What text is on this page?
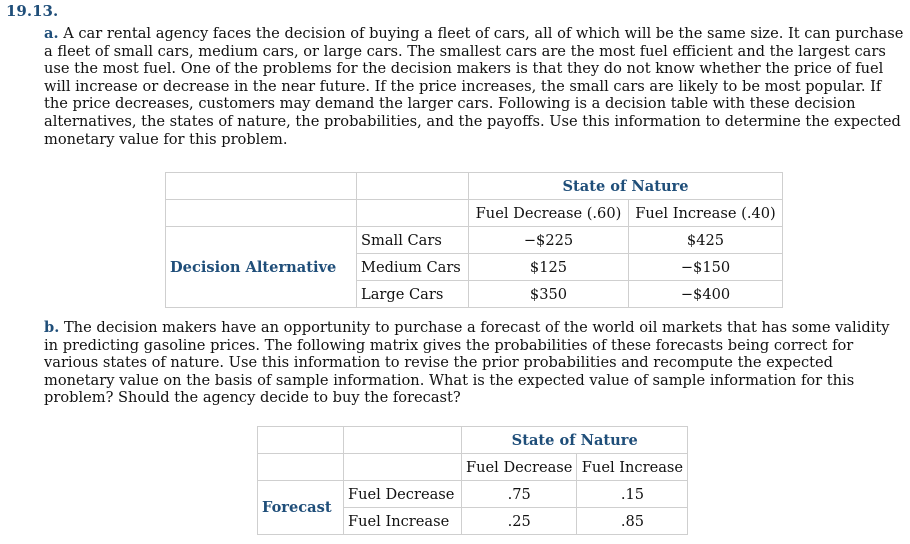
19.13.
a. A car rental agency faces the decision of buying a fleet of cars, all of which will be the same size. It can purchase a fleet of small cars, medium cars, or large cars. The smallest cars are the most fuel efficient and the largest cars use the most fuel. One of the problems for the decision makers is that they do not know whether the price of fuel will increase or decrease in the near future. If the price increases, the small cars are likely to be most popular. If the price decreases, customers may demand the larger cars. Following is a decision table with these decision alternatives, the states of nature, the probabilities, and the payoffs. Use this information to determine the expected monetary value for this problem.
		State of Nature	
		Fuel Decrease (.60)	Fuel Increase (.40)
Decision Alternative	Small Cars	−$225	$425
	Medium Cars	$125	−$150
	Large Cars	$350	−$400
b. The decision makers have an opportunity to purchase a forecast of the world oil markets that has some validity in predicting gasoline prices. The following matrix gives the probabilities of these forecasts being correct for various states of nature. Use this information to revise the prior probabilities and recompute the expected monetary value on the basis of sample information. What is the expected value of sample information for this problem? Should the agency decide to buy the forecast?
		State of Nature	
		Fuel Decrease	Fuel Increase
Forecast	Fuel Decrease	.75	.15
	Fuel Increase	.25	.85
